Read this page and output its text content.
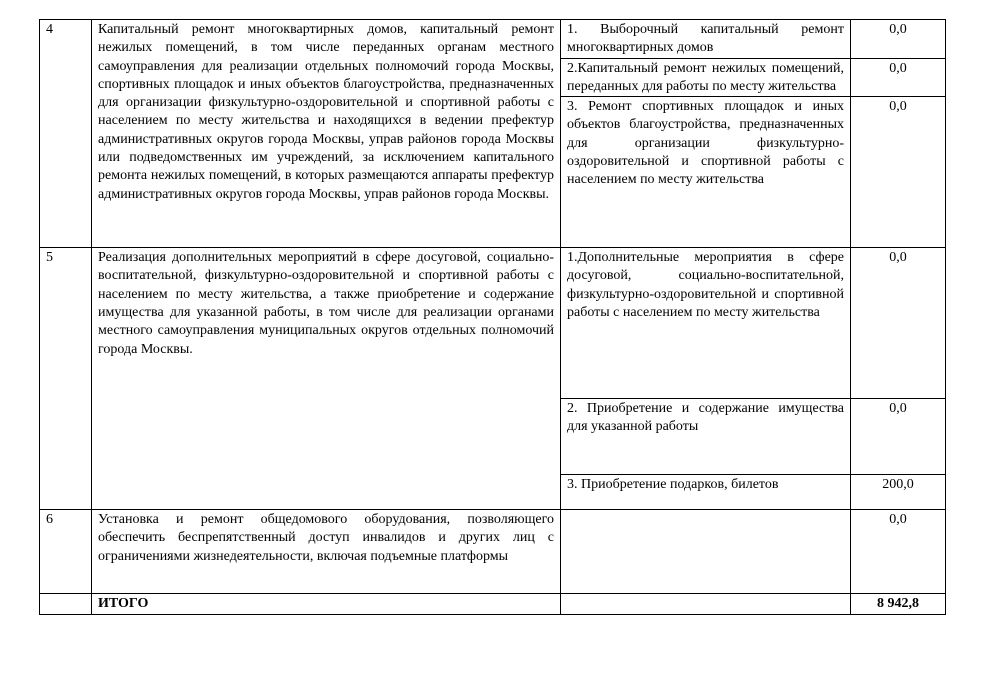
4	Капитальный ремонт многоквартирных домов, капитальный ремонт нежилых помещений, в том числе переданных органам местного самоуправления для реализации отдельных полномочий города Москвы, спортивных площадок и иных объектов благоустройства, предназначенных для организации физкультурно-оздоровительной и спортивной работы с населением по месту жительства и находящихся в ведении префектур административных округов города Москвы, управ районов города Москвы или подведомственных им учреждений, за исключением капитального ремонта нежилых помещений, в которых размещаются аппараты префектур административных округов города Москвы, управ районов города Москвы.	1. Выборочный капитальный ремонт многоквартирных домов	0,0
		2.Капитальный ремонт нежилых помещений, переданных для работы по месту жительства	0,0
		3. Ремонт спортивных площадок и иных объектов благоустройства, предназначенных для организации физкультурно-оздоровительной и спортивной работы с населением по месту жительства	0,0
5	Реализация дополнительных мероприятий в сфере досуговой, социально-воспитательной, физкультурно-оздоровительной и спортивной работы с населением по месту жительства, а также приобретение и содержание имущества для указанной работы, в том числе для реализации органами местного самоуправления муниципальных округов отдельных полномочий города Москвы.	1.Дополнительные мероприятия в сфере досуговой, социально-воспитательной, физкультурно-оздоровительной и спортивной работы с населением по месту жительства	0,0
		2. Приобретение и содержание имущества для указанной работы	0,0
		3. Приобретение подарков, билетов	200,0
6	Установка и ремонт общедомового оборудования, позволяющего обеспечить беспрепятственный доступ инвалидов и других лиц с ограничениями жизнедеятельности, включая подъемные платформы		0,0
	ИТОГО		8 942,8
